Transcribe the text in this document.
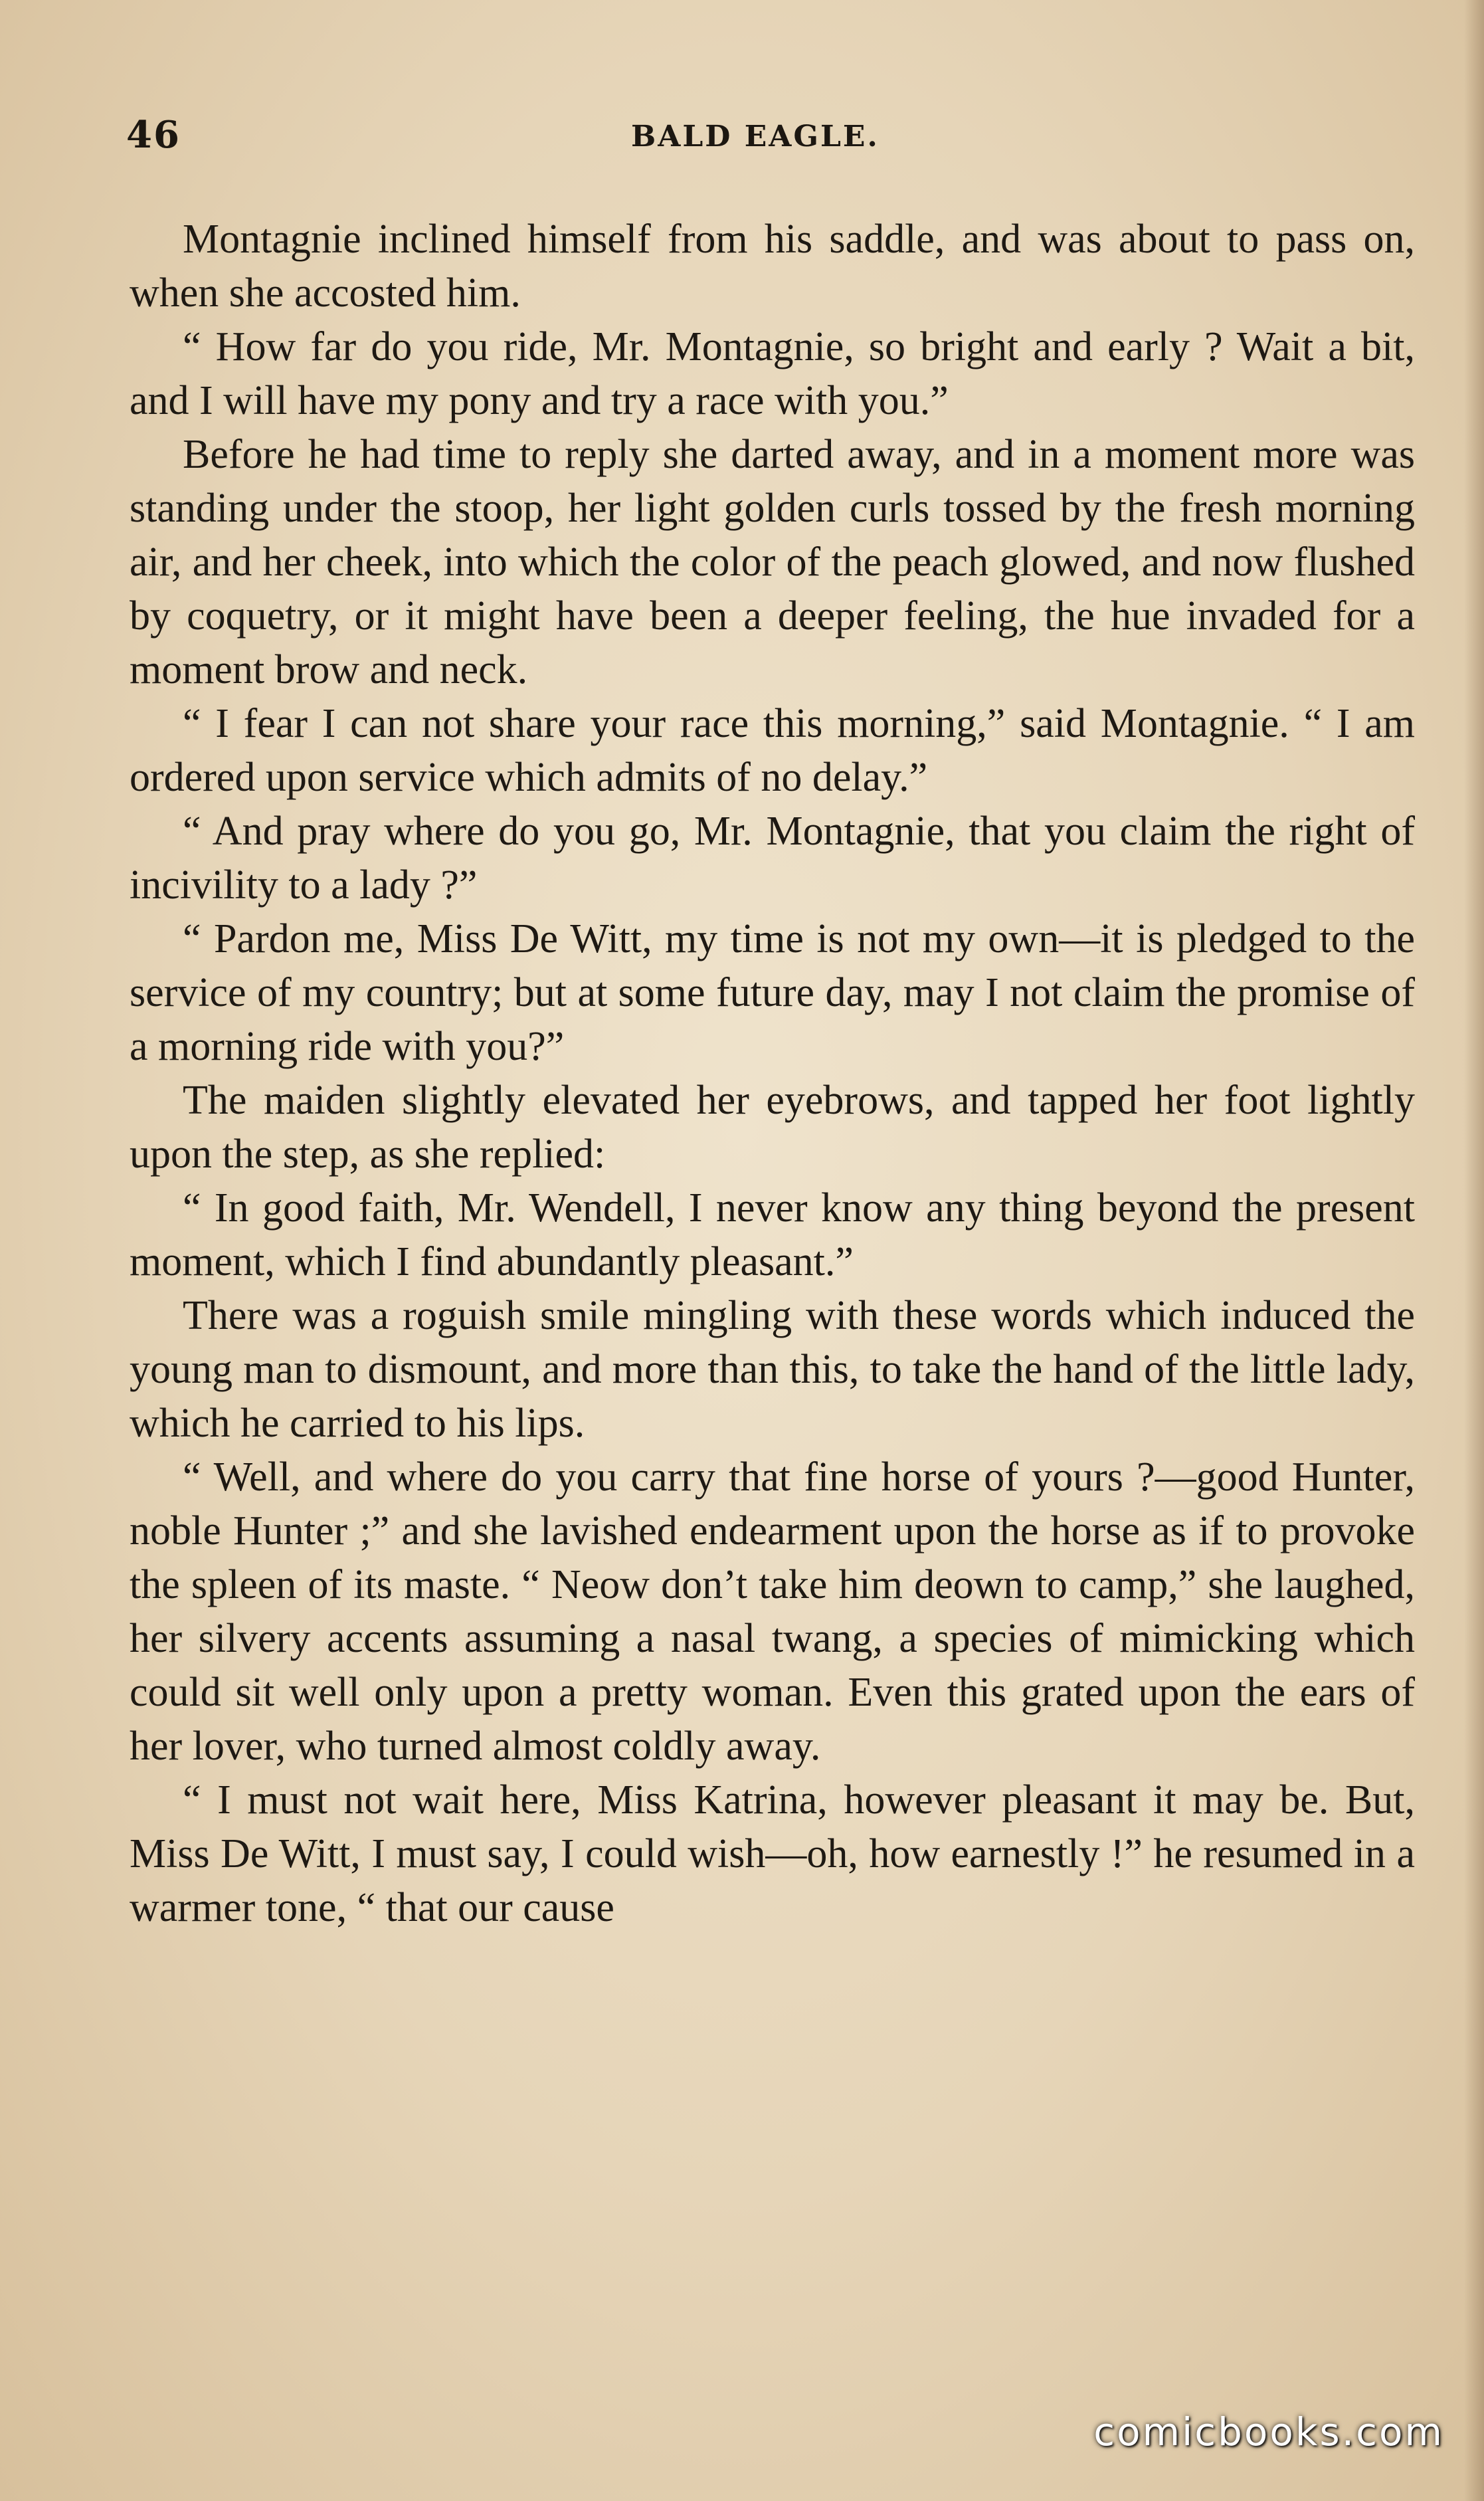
46	BALD EAGLE.

Montagnie inclined himself from his saddle, and was about to pass on, when she accosted him.

“ How far do you ride, Mr. Montagnie, so bright and early ? Wait a bit, and I will have my pony and try a race with you.”

Before he had time to reply she darted away, and in a moment more was standing under the stoop, her light golden curls tossed by the fresh morning air, and her cheek, into which the color of the peach glowed, and now flushed by coquetry, or it might have been a deeper feeling, the hue invaded for a moment brow and neck.

“ I fear I can not share your race this morning,” said Montagnie. “ I am ordered upon service which admits of no delay.”

“ And pray where do you go, Mr. Montagnie, that you claim the right of incivility to a lady ?”

“ Pardon me, Miss De Witt, my time is not my own—it is pledged to the service of my country; but at some future day, may I not claim the promise of a morning ride with you?”

The maiden slightly elevated her eyebrows, and tapped her foot lightly upon the step, as she replied:

“ In good faith, Mr. Wendell, I never know any thing beyond the present moment, which I find abundantly pleasant.”

There was a roguish smile mingling with these words which induced the young man to dismount, and more than this, to take the hand of the little lady, which he carried to his lips.

“ Well, and where do you carry that fine horse of yours ?—good Hunter, noble Hunter ;” and she lavished endearment upon the horse as if to provoke the spleen of its maste. “ Neow don’t take him deown to camp,” she laughed, her silvery accents assuming a nasal twang, a species of mimicking which could sit well only upon a pretty woman. Even this grated upon the ears of her lover, who turned almost coldly away.

“ I must not wait here, Miss Katrina, however pleasant it may be. But, Miss De Witt, I must say, I could wish—oh, how earnestly !” he resumed in a warmer tone, “ that our cause

comicbooks.com
